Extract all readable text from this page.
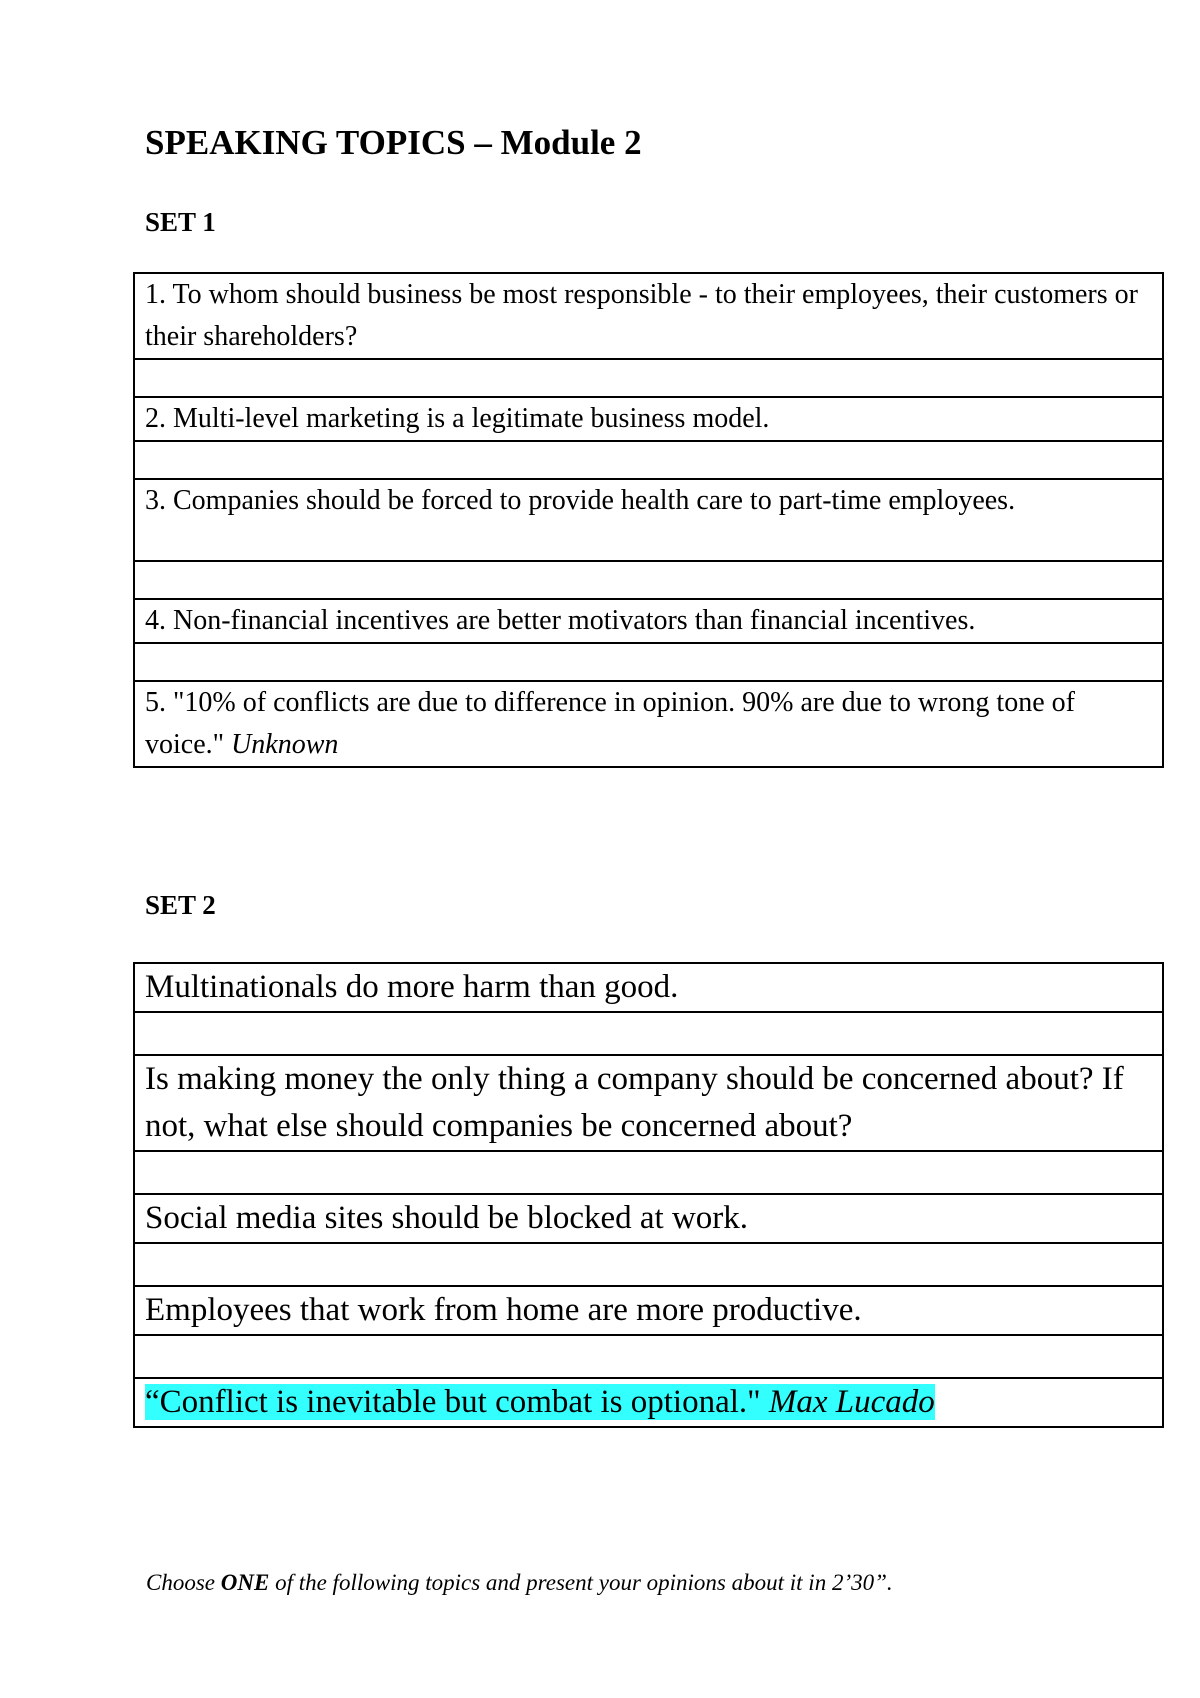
SPEAKING TOPICS – Module 2
SET 1
1. To whom should business be most responsible - to their employees, their customers or their shareholders?

2. Multi-level marketing is a legitimate business model.

3. Companies should be forced to provide health care to part-time employees.

4. Non-financial incentives are better motivators than financial incentives.

5. "10% of conflicts are due to difference in opinion. 90% are due to wrong tone of voice." Unknown
SET 2
Multinationals do more harm than good.

Is making money the only thing a company should be concerned about? If not, what else should companies be concerned about?

Social media sites should be blocked at work.

Employees that work from home are more productive.

“Conflict is inevitable but combat is optional." Max Lucado

Choose ONE of the following topics and present your opinions about it in 2’30”.
